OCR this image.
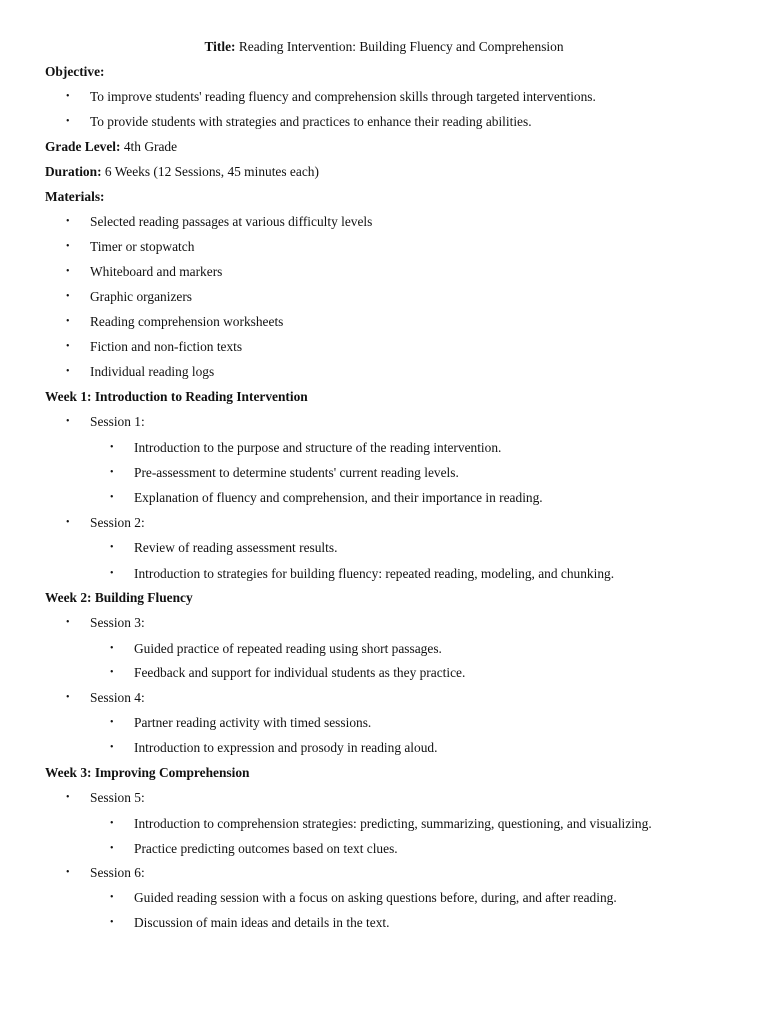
Title: Reading Intervention: Building Fluency and Comprehension
Objective:
• To improve students' reading fluency and comprehension skills through targeted interventions.
• To provide students with strategies and practices to enhance their reading abilities.
Grade Level: 4th Grade
Duration: 6 Weeks (12 Sessions, 45 minutes each)
Materials:
• Selected reading passages at various difficulty levels
• Timer or stopwatch
• Whiteboard and markers
• Graphic organizers
• Reading comprehension worksheets
• Fiction and non-fiction texts
• Individual reading logs
Week 1: Introduction to Reading Intervention
• Session 1:
• Introduction to the purpose and structure of the reading intervention.
• Pre-assessment to determine students' current reading levels.
• Explanation of fluency and comprehension, and their importance in reading.
• Session 2:
• Review of reading assessment results.
• Introduction to strategies for building fluency: repeated reading, modeling, and chunking.
Week 2: Building Fluency
• Session 3:
• Guided practice of repeated reading using short passages.
• Feedback and support for individual students as they practice.
• Session 4:
• Partner reading activity with timed sessions.
• Introduction to expression and prosody in reading aloud.
Week 3: Improving Comprehension
• Session 5:
• Introduction to comprehension strategies: predicting, summarizing, questioning, and visualizing.
• Practice predicting outcomes based on text clues.
• Session 6:
• Guided reading session with a focus on asking questions before, during, and after reading.
• Discussion of main ideas and details in the text.
